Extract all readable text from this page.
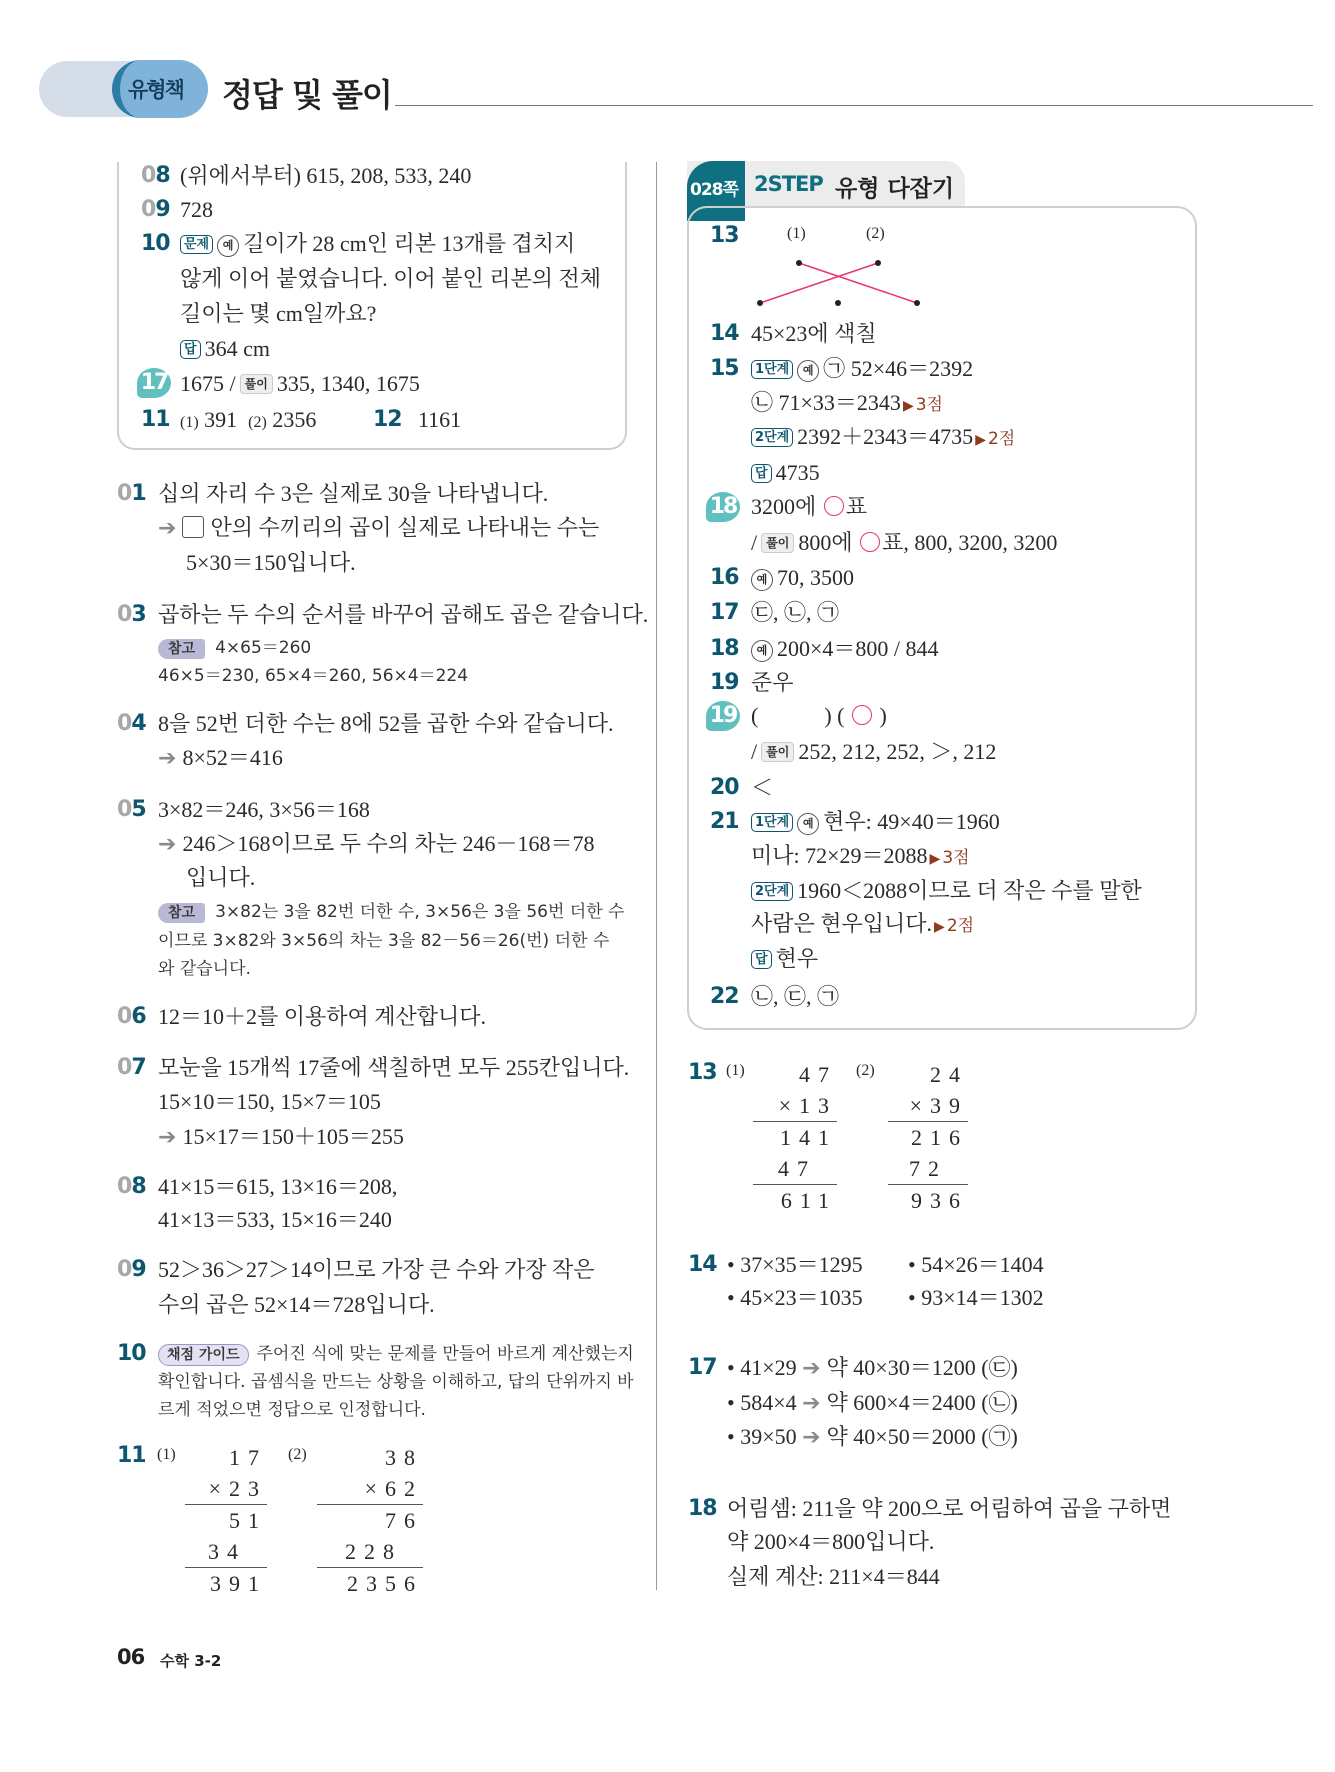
유형책 정답 및 풀이
08 (위에서부터) 615, 208, 533, 240
09 728
10	문제 예 길이가 28 cm인 리본 13개를 겹치지
않게 이어 붙였습니다. 이어 붙인 리본의 전체
길이는 몇 cm일까요?
답 364 cm
17 1675 / 풀이 335, 1340, 1675
11 (1) 391 (2) 2356	12 1161
01 십의 자리 수 3은 실제로 30을 나타냅니다.
➔ 안의 수끼리의 곱이 실제로 나타내는 수는
5×30＝150입니다.
03 곱하는 두 수의 순서를 바꾸어 곱해도 곱은 같습니다.
참고 4×65＝260
46×5＝230, 65×4＝260, 56×4＝224
04 8을 52번 더한 수는 8에 52를 곱한 수와 같습니다.
➔ 8×52＝416
05 3×82＝246, 3×56＝168
➔ 246＞168이므로 두 수의 차는 246－168＝78
입니다.
참고 3×82는 3을 82번 더한 수, 3×56은 3을 56번 더한 수
이므로 3×82와 3×56의 차는 3을 82－56＝26(번) 더한 수
와 같습니다.
06 12＝10＋2를 이용하여 계산합니다.
07 모눈을 15개씩 17줄에 색칠하면 모두 255칸입니다.
15×10＝150, 15×7＝105
➔ 15×17＝150＋105＝255
08 41×15＝615, 13×16＝208,
41×13＝533, 15×16＝240
09 52＞36＞27＞14이므로 가장 큰 수와 가장 작은
수의 곱은 52×14＝728입니다.
10	채점 가이드 주어진 식에 맞는 문제를 만들어 바르게 계산했는지
확인합니다. 곱셈식을 만드는 상황을 이해하고, 답의 단위까지 바
르게 적었으면 정답으로 인정합니다.
11 (1)	17
×23
51
34
391
(2)	38
×62
76
228
2356
028쪽 2STEP 유형 다잡기
13	(1)	(2)
14 45×23에 색칠
15	1단계 예 ㉠ 52×46＝2392
㉡ 71×33＝2343 ▶ 3점
2단계 2392＋2343＝4735 ▶ 2점
답 4735
18 3200에 ○ 표
/ 풀이 800에 ○ 표, 800, 3200, 3200
16	예 70, 3500
17 ㉢, ㉡, ㉠
18	예 200×4＝800 / 844
19 준우
19 (　　　) ( ○ )
/ 풀이 252, 212, 252, ＞, 212
20 ＜
21	1단계 예 현우: 49×40＝1960
미나: 72×29＝2088 ▶ 3점
2단계 1960＜2088이므로 더 작은 수를 말한
사람은 현우입니다. ▶ 2점
답 현우
22 ㉡, ㉢, ㉠
13 (1)	47
×13
141
47
611
(2)	24
×39
216
72
936
14 • 37×35＝1295 • 54×26＝1404
• 45×23＝1035 • 93×14＝1302
17 • 41×29 ➔ 약 40×30＝1200 (㉢)
• 584×4 ➔ 약 600×4＝2400 (㉡)
• 39×50 ➔ 약 40×50＝2000 (㉠)
18 어림셈: 211을 약 200으로 어림하여 곱을 구하면
약 200×4＝800입니다.
실제 계산: 211×4＝844
06 수학 3-2
